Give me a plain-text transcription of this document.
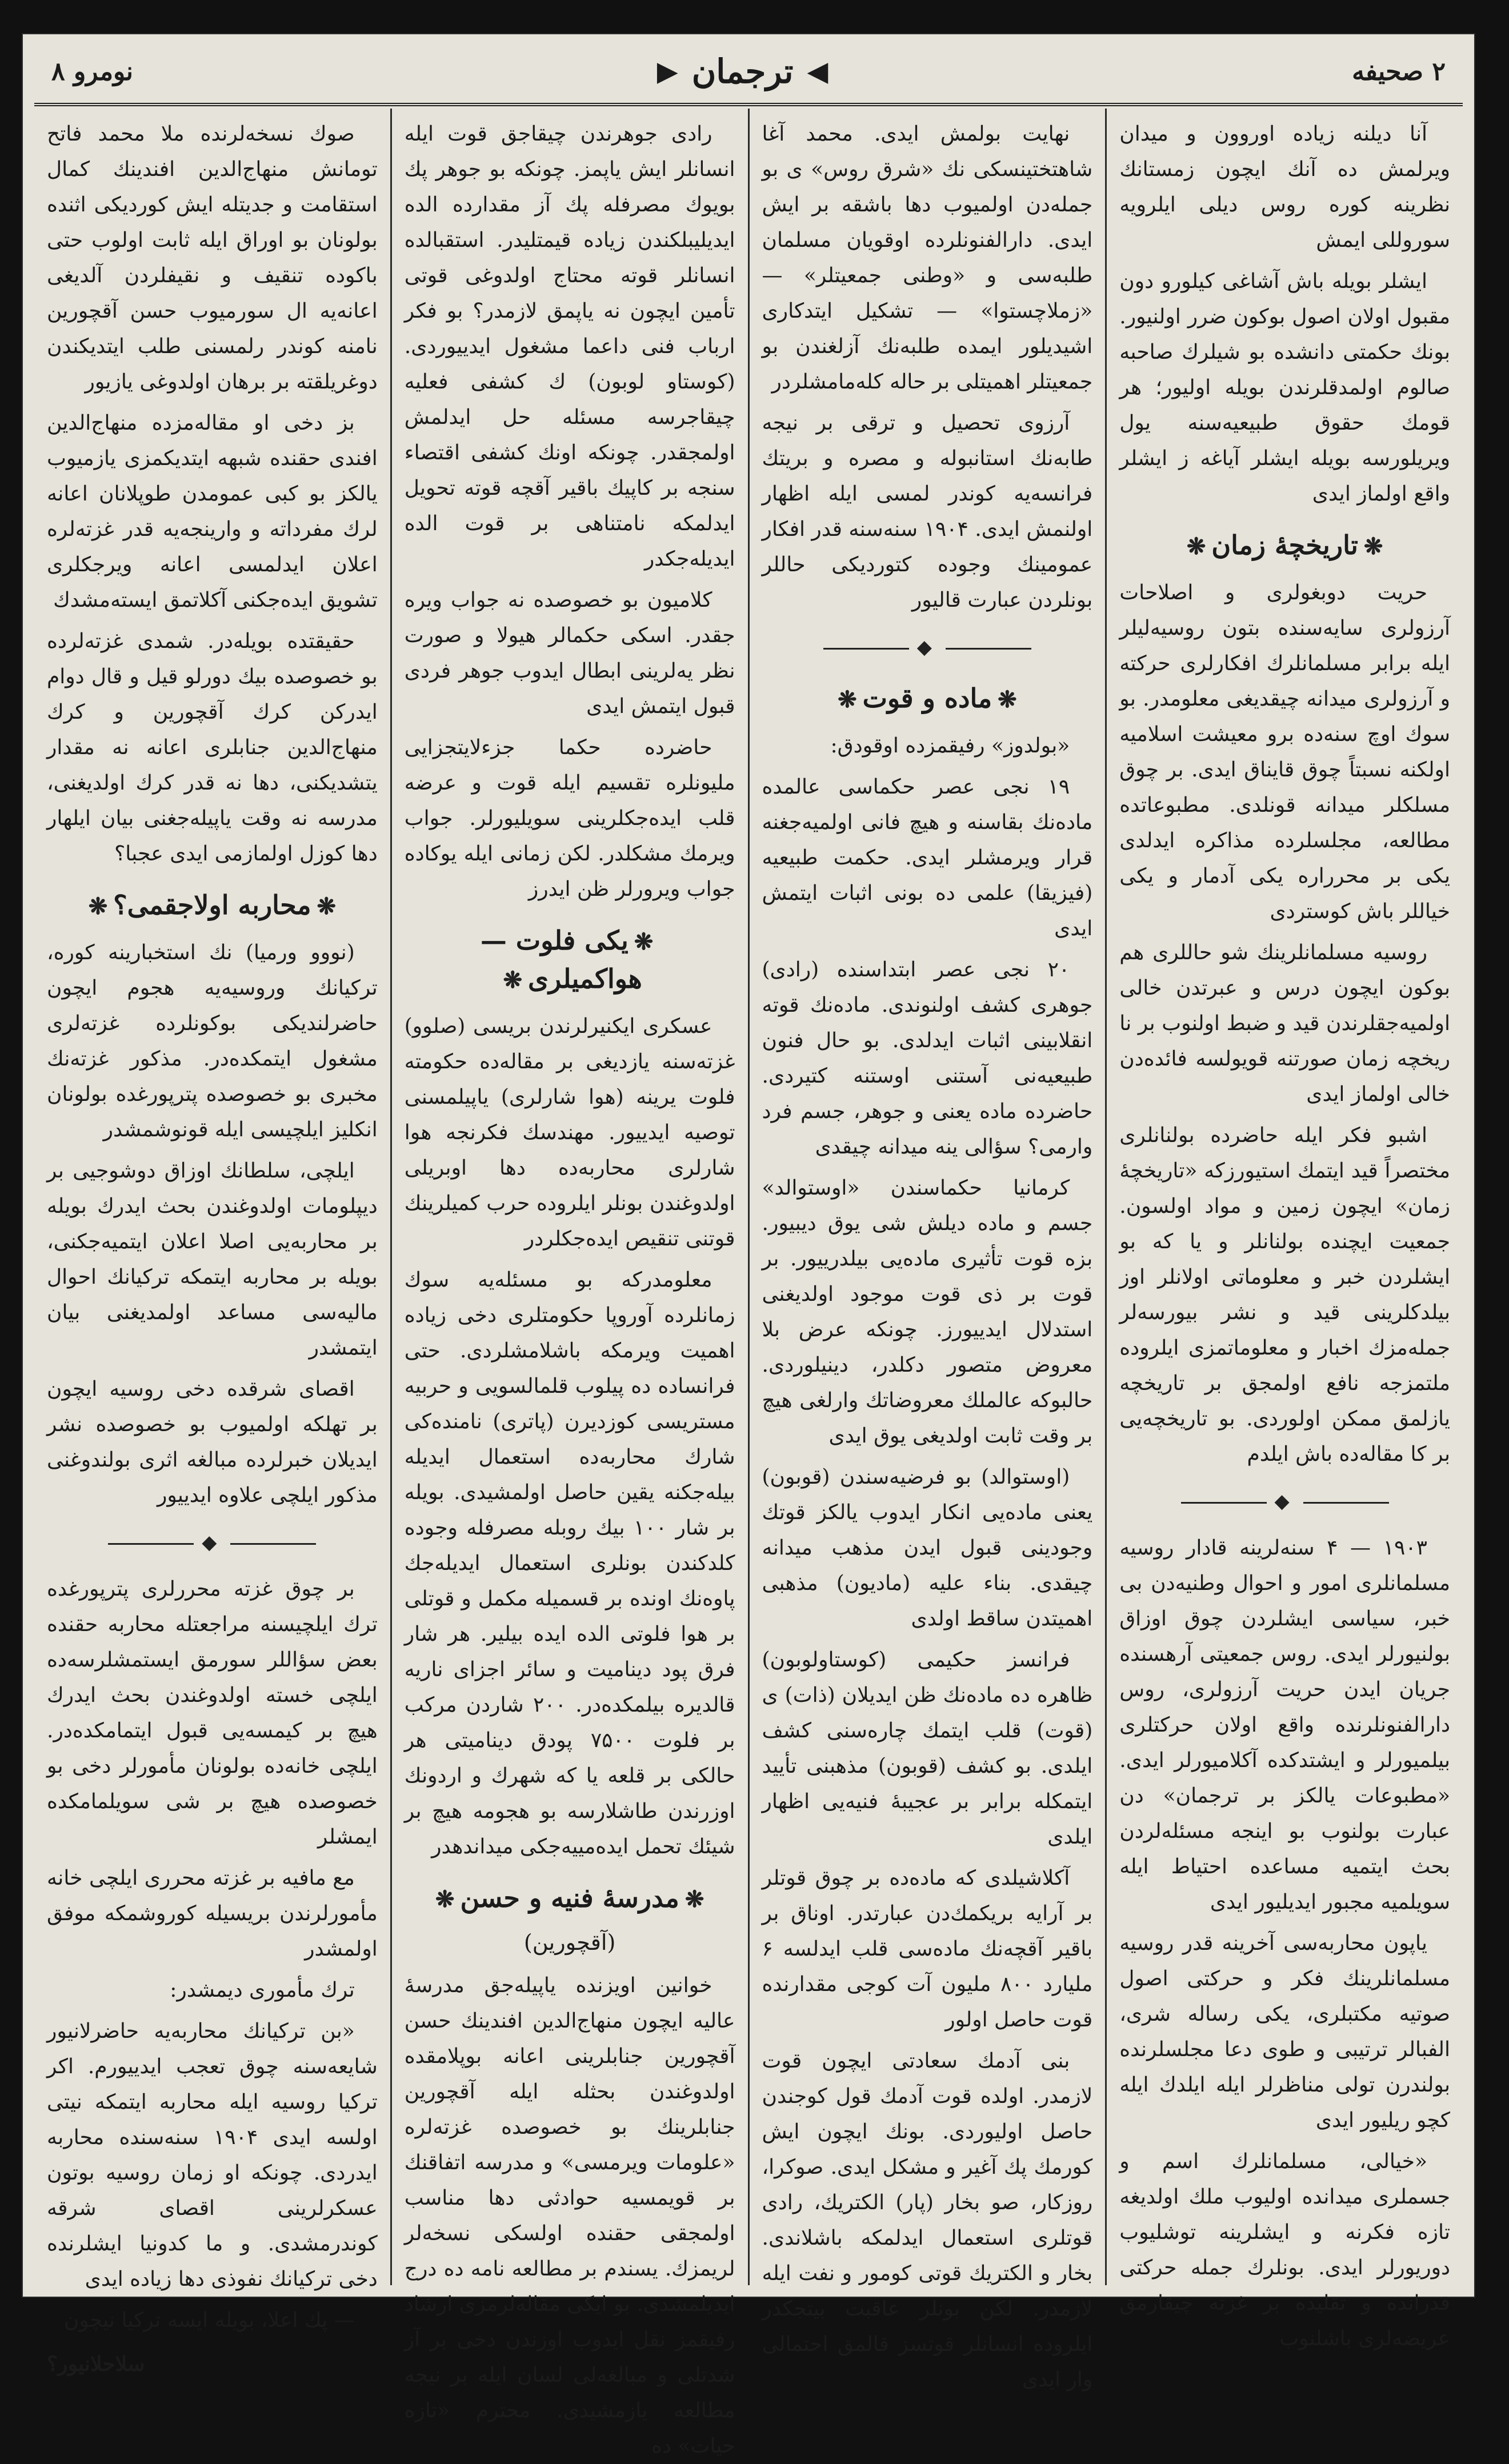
۲ صحیفه
◀
ترجمان
▶
نومرو ۸

آنا دیلنه زیاده اوروون و میدان ویرلمش ده آنك ایچون زمستانك نظرینه کوره روس دیلی ایلرویه سوروللی ایمش

ایشلر بویله باش آشاغی کیلورو دون مقبول اولان اصول بوکون ضرر اولنیور. بونك حکمتی دانشده بو شیلرك صاحبه صالوم اولمدقلرندن بویله اولیور؛ هر قومك حقوق طبیعیه‌سنه یول ویریلورسه بویله ایشلر آیاغه ز ایشلر واقع اولماز ایدی

❋تاریخچهٔ زمان❋

حریت دوبغولری و اصلاحات آرزولری سایه‌سنده بتون روسیه‌لیلر ایله برابر مسلمانلرك افکارلری حرکته و آرزولری میدانه چیقدیغی معلومدر. بو سوك اوچ سنه‌ده برو معیشت اسلامیه اولکنه نسبتاً چوق قایناق ایدی. بر چوق مسلکلر میدانه قونلدی. مطبوعاتده مطالعه، مجلسلرده مذاکره ایدلدی یکی بر محرراره یکی آدمار و یکی خیاللر باش کوستردی

روسیه مسلمانلرینك شو حاللری هم بوکون ایچون درس و عبرتدن خالی اولمیه‌جقلرندن قید و ضبط اولنوب بر نا ریخچه زمان صورتنه قویولسه فائده‌دن خالی اولماز ایدی

اشبو فکر ایله حاضرده بولنانلری مختصراً قید ایتمك استیورزکه «تاریخچهٔ زمان» ایچون زمین و مواد اولسون. جمعیت ایچنده بولنانلر و یا که بو ایشلردن خبر و معلوماتی اولانلر اوز بیلدکلرینی قید و نشر بیورسه‌لر جمله‌مزك اخبار و معلوماتمزی ایلروده ملتمزجه نافع اولمجق بر تاریخچه یازلمق ممکن اولوردی. بو تاریخچه‌یی بر کا مقاله‌ده باش ایلدم

◆

۱۹۰۳ — ۴ سنه‌لرینه قادار روسیه مسلمانلری امور و احوال وطنیه‌دن بی خبر، سیاسی ایشلردن چوق اوزاق بولنیورلر ایدی. روس جمعیتی آرهسنده جریان ایدن حریت آرزولری، روس دارالفنونلرنده واقع اولان حرکتلری بیلمیورلر و ایشتدکده آکلامیورلر ایدی. «مطبوعات یالکز بر ترجمان» دن عبارت بولنوب بو اینجه مسئله‌لردن بحث ایتمیه مساعده احتیاط ایله سویلمیه مجبور ایدیلیور ایدی

یاپون محاربه‌سی آخرینه قدر روسیه مسلمانلرینك فکر و حرکتی اصول صوتیه مکتبلری، یکی رساله شری، الفبالر ترتیبی و طوی دعا مجلسلرنده بولندرن تولی مناظرلر ایله ایلدك ایله کچو ریلیور ایدی

«خیالی، مسلمانلرك اسم و جسملری میدانده اولیوب ملك اولدیغه تازه فکرنه و ایشلرینه توشلیوب دوریورلر ایدی. بونلرك جمله حرکتی قدرانده و تقلیده بر غزته چیقارمق عریضه‌لری باشلنوب

نهایت بولمش ایدی. محمد آغا شاهتختینسکی نك «شرق روس» ی بو جمله‌دن اولمیوب دها باشقه بر ایش ایدی. دارالفنونلرده اوقویان مسلمان طلبه‌سی و «وطنی جمعیتلر» — «زملاچستوا» — تشکیل ایتدکاری اشیدیلور ایمده طلبه‌نك آزلغندن بو جمعیتلر اهمیتلی بر حاله کله‌مامشلردر

آرزوی تحصیل و ترقی بر نیجه طابه‌نك استانبوله و مصره و بریتك فرانسه‌یه کوندر لمسی ایله اظهار اولنمش ایدی. ۱۹۰۴ سنه‌سنه قدر افکار عمومینك وجوده کتوردیکی حاللر بونلردن عبارت قالیور

◆
❋ماده و قوت❋

«بولدوز» رفیقمزده اوقودق:

۱۹ نجی عصر حکماسی عالمده ماده‌نك بقاسنه و هیچ فانی اولمیه‌جغنه قرار ویرمشلر ایدی. حکمت طبیعیه (فیزیقا) علمی ده بونی اثبات ایتمش ایدی

۲۰ نجی عصر ابتداسنده (رادی) جوهری کشف اولنوندی. ماده‌نك قوته انقلابینی اثبات ایدلدی. بو حال فنون طبیعیه‌نی آستنی اوستنه کتیردی. حاضرده ماده یعنی و جوهر، جسم فرد وارمی؟ سؤالی ینه میدانه چیقدی

کرمانیا حکماسندن «اوستوالد» جسم و ماده دیلش شی یوق دیبیور. بزه قوت تأثیری ماده‌یی بیلدرییور. بر قوت بر ذی قوت موجود اولدیغنی استدلال ایدییورز. چونکه عرض بلا معروض متصور دکلدر، دینیلوردی. حالبوکه عالملك معروضاتك وارلغی هیچ بر وقت ثابت اولدیغی یوق ایدی

(اوستوالد) بو فرضیه‌سندن (قوبون) یعنی ماده‌یی انکار ایدوب یالکز قوتك وجودینی قبول ایدن مذهب میدانه چیقدی. بناء علیه (مادیون) مذهبی اهمیتدن ساقط اولدی

فرانسز حکیمی (کوستاولوبون) ظاهره ده ماده‌نك ظن ایدیلان (ذات) ی (قوت) قلب ایتمك چاره‌سنی کشف ایلدی. بو کشف (قوبون) مذهبنی تأیید ایتمکله برابر بر عجیبهٔ فنیه‌یی اظهار ایلدی

آکلاشیلدی که ماده‌ده بر چوق قوتلر بر آرایه بریکمك‌دن عبارتدر. اوناق بر باقیر آقچه‌نك ماده‌سی قلب ایدلسه ۶ ملیارد ۸۰۰ ملیون آت کوجی مقدارنده قوت حاصل اولور

بنی آدمك سعادتی ایچون قوت لازمدر. اولده قوت آدمك قول کوجندن حاصل اولیوردی. بونك ایچون ایش کورمك پك آغیر و مشکل ایدی. صوکرا، روزکار، صو بخار (پار) الکتریك، رادی قوتلری استعمال ایدلمکه باشلاندی. بخار و الکتریك قوتی کومور و نفت ایله لازمدر. لکن بونلر عاقبت بیتجکدر ایلروده انسانلر قوتسز قالمق احتمالی وار ایدی

رادی جوهرندن چیقاجق قوت ایله انسانلر ایش یاپمز. چونکه بو جوهر پك بویوك مصرفله پك آز مقدارده الده ایدیلیبلکندن زیاده قیمتلیدر. استقبالده انسانلر قوته محتاج اولدوغی قوتی تأمین ایچون نه یاپمق لازمدر؟ بو فکر ارباب فنی داعما مشغول ایدییوردی. (کوستاو لوبون) ك کشفی فعلیه چیقاجرسه مسئله حل ایدلمش اولمجقدر. چونکه اونك کشفی اقتصاء سنجه بر کاپیك باقیر آقچه قوته تحویل ایدلمکه نامتناهی بر قوت الده ایدیله‌جکدر

کلامیون بو خصوصده نه جواب ویره جقدر. اسکی حکمالر هیولا و صورت نظر یه‌لرینی ابطال ایدوب جوهر فردی قبول ایتمش ایدی

حاضرده حکما جزءلایتجزایی ملیونلره تقسیم ایله قوت و عرضه قلب ایده‌جکلرینی سویلیورلر. جواب ویرمك مشکلدر. لکن زمانی ایله یوکاده جواب ویرورلر ظن ایدرز

❋یکی فلوت — هواکمیلری❋

عسکری ایکنیرلرندن بریسی (صلوو) غزته‌سنه یازدیغی بر مقاله‌ده حکومته فلوت یرینه (هوا شارلری) یاپیلمسنی توصیه ایدییور. مهندسك فکرنجه هوا شارلری محاربه‌ده دها اوبریلی اولدوغندن بونلر ایلروده حرب کمیلرینك قوتنی تنقیص ایده‌جکلردر

معلومدرکه بو مسئله‌یه سوك زمانلرده آوروپا حکومتلری دخی زیاده اهمیت ویرمکه باشلامشلردی. حتی فرانساده ده پیلوب قلمالسویی و حربیه مستریسی کوزدیرن (پاتری) نامنده‌کی شارك محاربه‌ده استعمال ایدیله بیله‌جکنه یقین حاصل اولمشیدی. بویله بر شار ۱۰۰ بیك روبله مصرفله وجوده کلدکندن بونلری استعمال ایدیله‌جك پاوه‌نك اونده بر قسمیله مکمل و قوتلی بر هوا فلوتی الده ایده بیلیر. هر شار فرق پود دینامیت و سائر اجزای ناریه قالدیره بیلمکده‌در. ۲۰۰ شاردن مرکب بر فلوت ۷۵۰۰ پودق دینامیتی هر حالکی بر قلعه یا که شهرك و اردونك اوزرندن طاشلارسه بو هجومه هیچ بر شیئك تحمل ایده‌مییه‌جکی میداندهدر

❋مدرسهٔ فنیه و حسن❋
(آقچورین)

خوانین اویزنده یاپیله‌جق مدرسهٔ عالیه ایچون منهاج‌الدین افندینك حسن آقچورین جنابلرینی اعانه بوپلامقده اولدوغندن بحثله ایله آقچورین جنابلرینك بو خصوصده غزته‌لره «علومات ویرمسی» و مدرسه اتفاقنك بر قویمسیه حوادثی دها مناسب اولمجقی حقنده اولسکی نسخه‌لر لریمزك. یسندم بر مطالعه نامه ده درج ایدیلمشدی. بو ایکی مقاله‌لرمزی ارشاد رفیقمز نقل ایدوب اوزندن دخی بر آز شدتلی و مبالغه‌لی لسان ایله بر نیجه مطالعه یازمشیدی. محترم «تازه حیات» ده

صوك نسخه‌لرنده ملا محمد فاتح تومانش منهاج‌الدین افندینك کمال استقامت و جدیتله ایش کوردیکی اثنده بولونان بو اوراق ایله ثابت اولوب حتی باکوده تنقیف و نقیفلردن آلدیغی اعانه‌یه ال سورمیوب حسن آقچورین نامنه کوندر رلمسنی طلب ایتدیکندن دوغریلقته بر برهان اولدوغی یازیور

بز دخی او مقاله‌مزده منهاج‌الدین افندی حقنده شبهه ایتدیکمزی یازمیوب یالکز بو کبی عمومدن طوپلانان اعانه لرك مفرداته و وارینجه‌یه قدر غزته‌لره اعلان ایدلمسی اعانه ویرجکلری تشویق ایده‌جکنی آکلاتمق ایسته‌مشدك

حقیقتده بویله‌در. شمدی غزته‌لرده بو خصوصده بیك دورلو قیل و قال دوام ایدرکن کرك آقچورین و کرك منهاج‌الدین جنابلری اعانه نه مقدار یتشدیکنی، دها نه قدر کرك اولدیغنی، مدرسه نه وقت یاپیله‌جغنی بیان ایلهار دها کوزل اولمازمی ایدی عجبا؟

❋محاربه اولاجقمی؟❋

(نووو ورمیا) نك استخبارینه کوره، ترکیانك وروسیه‌یه هجوم ایچون حاضرلندیکی بوکونلرده غزته‌لری مشغول ایتمکده‌در. مذکور غزته‌نك مخبری بو خصوصده پترپورغده بولونان انکلیز ایلچیسی ایله قونوشمشدر

ایلچی، سلطانك اوزاق دوشوجیی بر دیپلومات اولدوغندن بحث ایدرك بویله بر محاربه‌یی اصلا اعلان ایتمیه‌جکنی، بویله بر محاربه ایتمکه ترکیانك احوال مالیه‌سی مساعد اولمدیغنی بیان ایتمشدر

اقصای شرقده دخی روسیه ایچون بر تهلکه اولمیوب بو خصوصده نشر ایدیلان خبرلرده مبالغه اثری بولندوغنی مذکور ایلچی علاوه ایدییور

◆

بر چوق غزته محررلری پترپورغده ترك ایلچیسنه مراجعتله محاربه حقنده بعض سؤاللر سورمق ایستمشلرسه‌ده ایلچی خسته اولدوغندن بحث ایدرك هیچ بر کیمسه‌یی قبول ایتمامکده‌در. ایلچی خانه‌ده بولونان مأمورلر دخی بو خصوصده هیچ بر شی سویلمامکده ایمشلر

مع مافیه بر غزته محرری ایلچی خانه مأمورلرندن بریسیله کوروشمکه موفق اولمشدر

ترك مأموری دیمشدر:

«بن ترکیانك محاربه‌یه حاضرلانیور شایعه‌سنه چوق تعجب ایدییورم. اکر ترکیا روسیه ایله محاربه ایتمکه نیتی اولسه ایدی ۱۹۰۴ سنه‌سنده محاربه ایدردی. چونکه او زمان روسیه بوتون عسکرلرینی اقصای شرقه کوندرمشدی. و ما کدونیا ایشلرنده دخی ترکیانك نفوذی دها زیاده ایدی

— پك اعلا، بویله ایسه ترکیا نیچون

سلاحلانیور؟
